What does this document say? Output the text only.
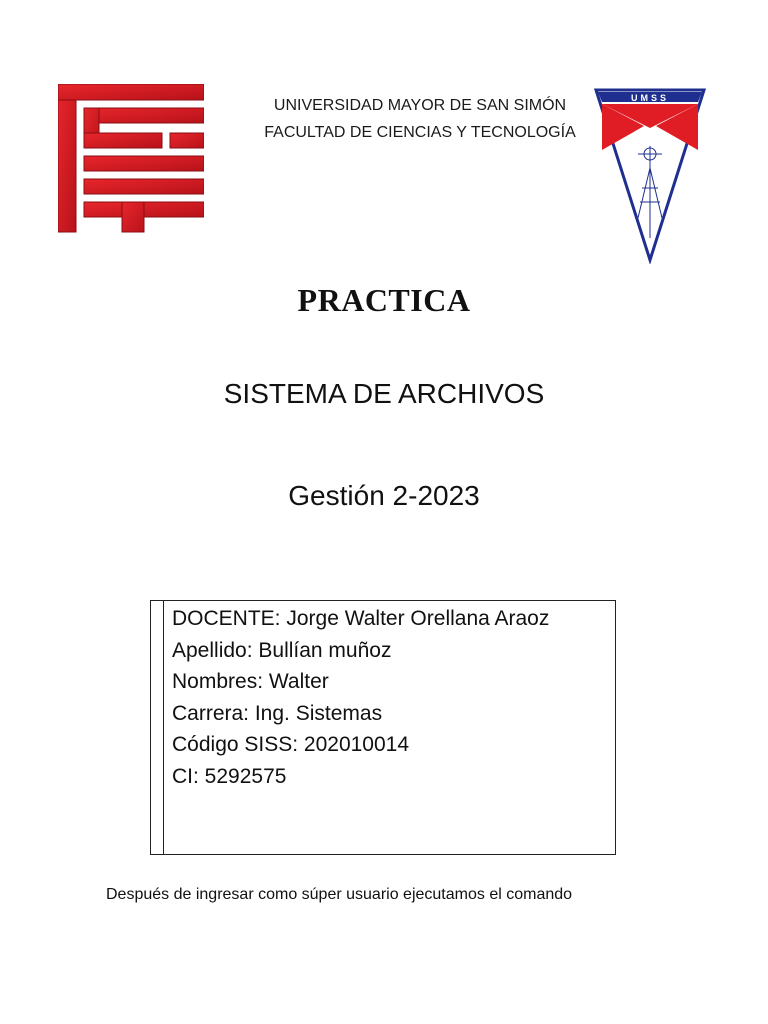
UNIVERSIDAD MAYOR DE SAN SIMÓN
FACULTAD DE CIENCIAS Y TECNOLOGÍA
UMSS
PRACTICA
SISTEMA DE ARCHIVOS
Gestión 2-2023
DOCENTE: Jorge Walter Orellana Araoz
Apellido: Bullían muñoz
Nombres: Walter
Carrera: Ing. Sistemas
Código SISS: 202010014
CI: 5292575
Después de ingresar como súper usuario ejecutamos el comando
